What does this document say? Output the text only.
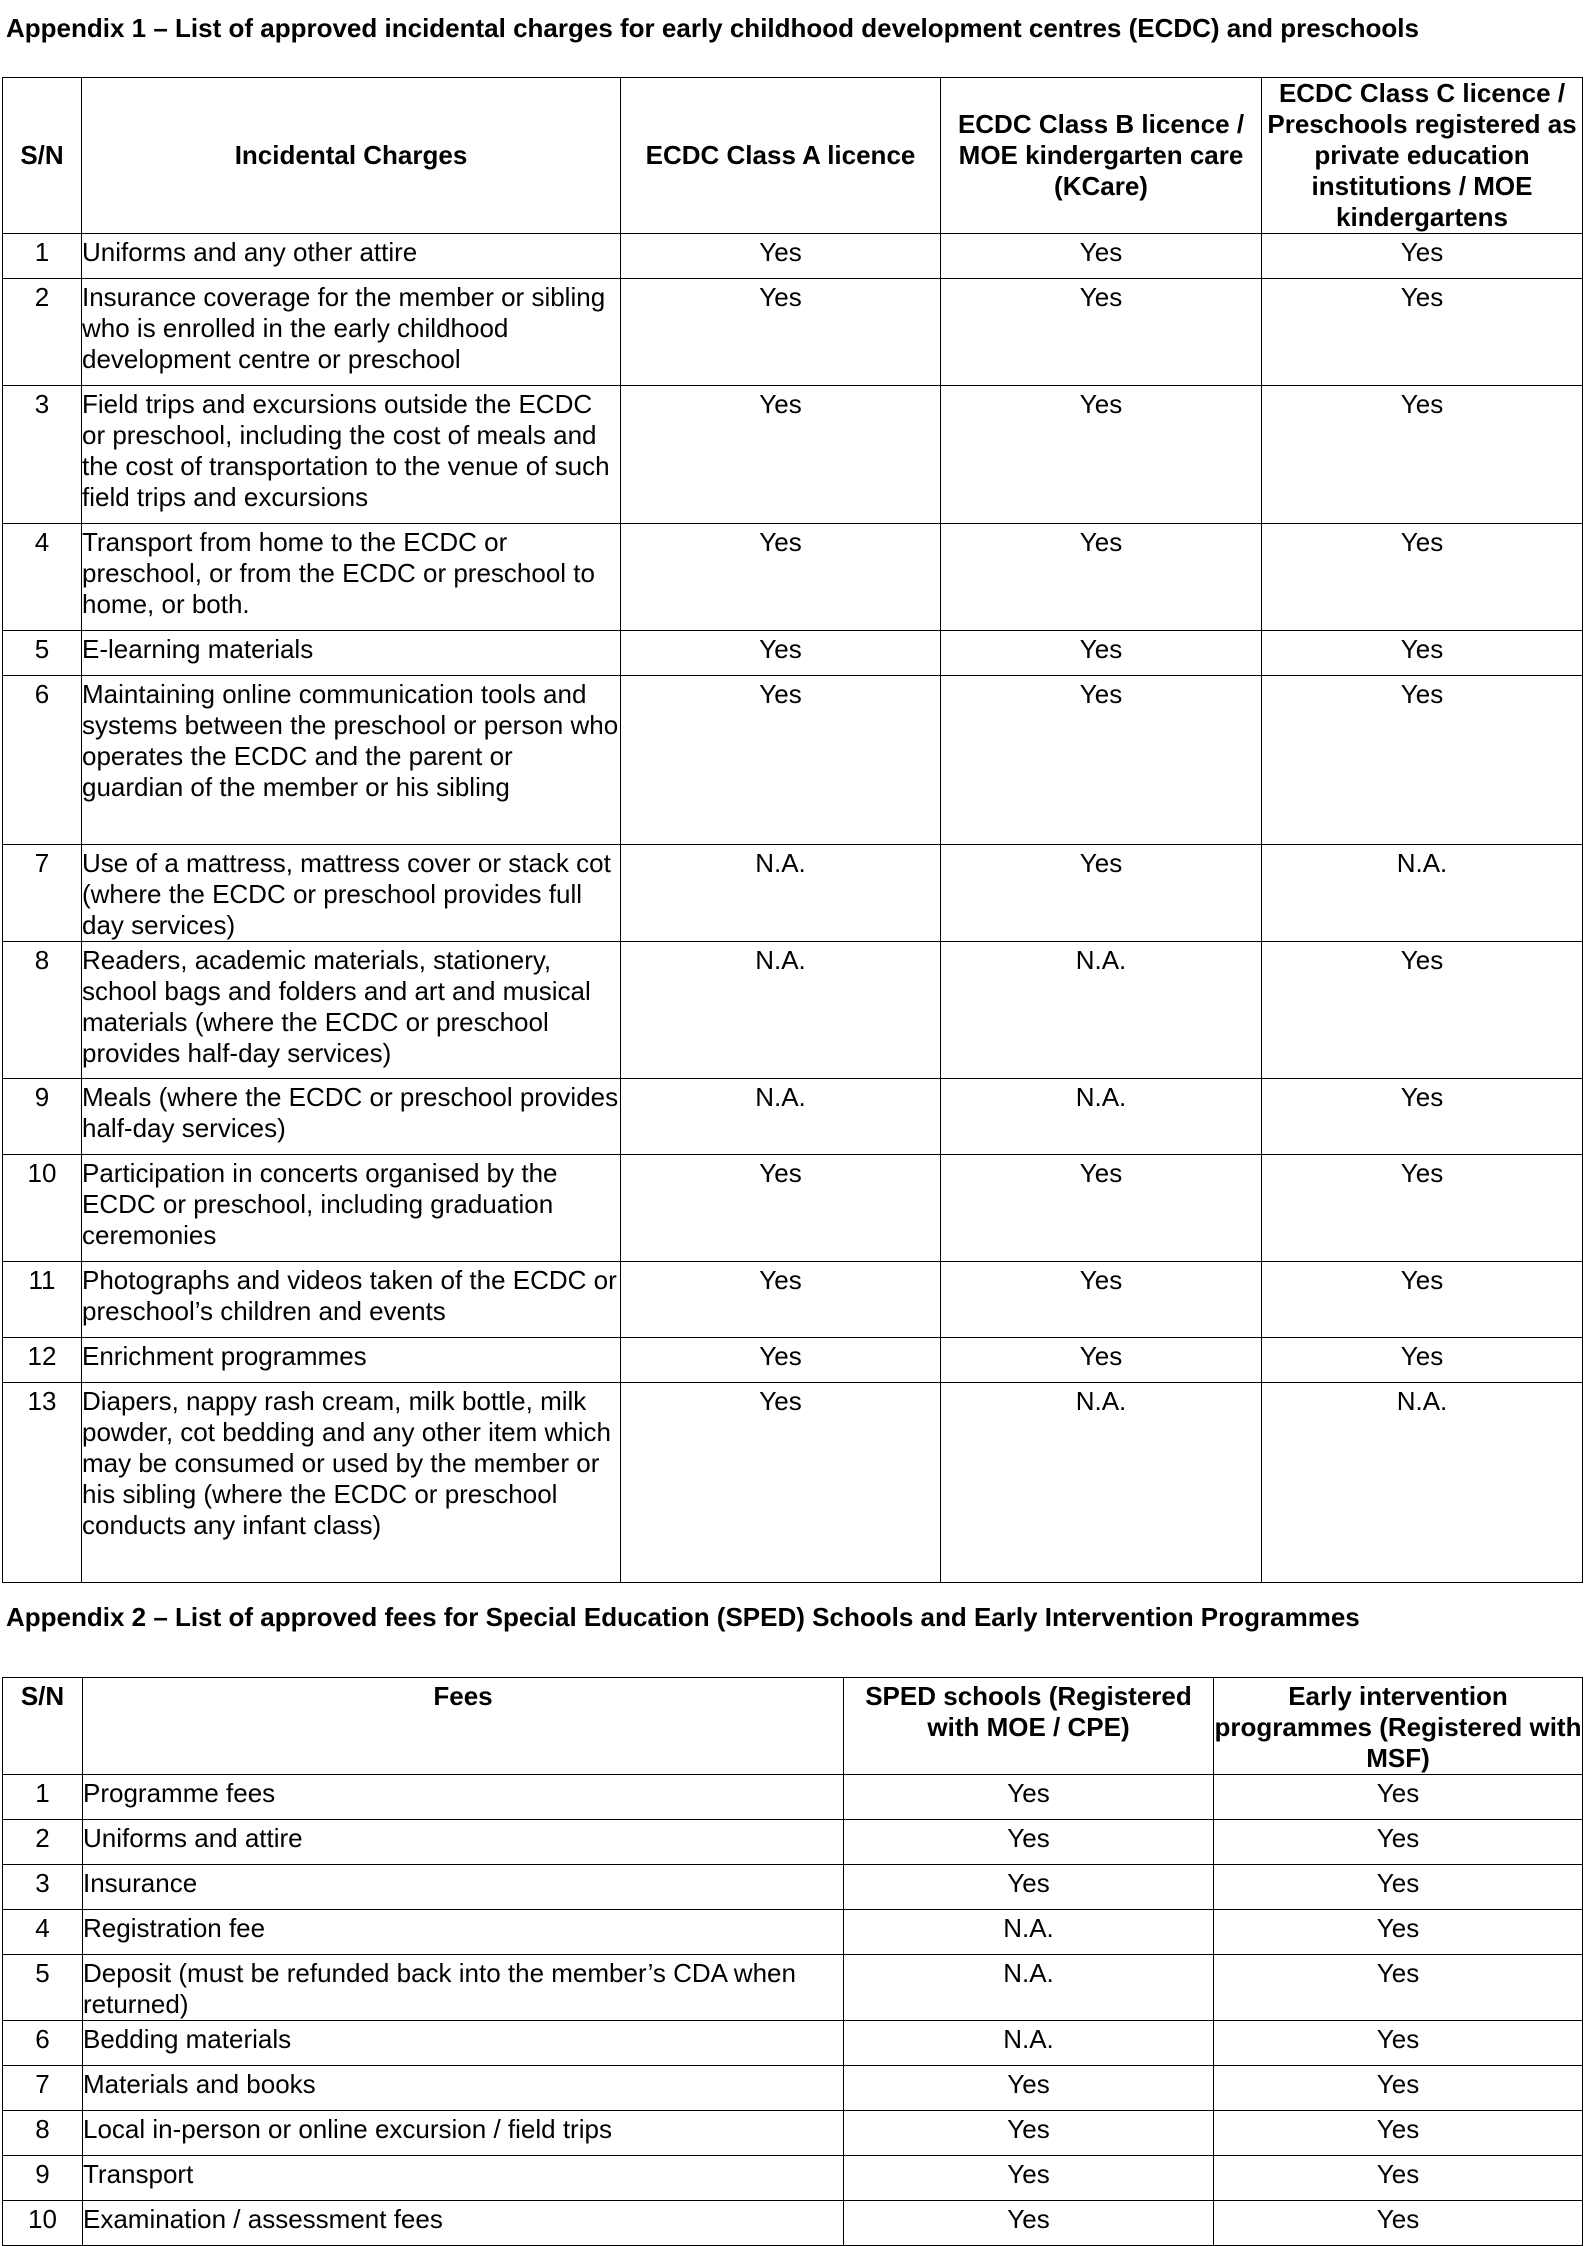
Appendix 1 – List of approved incidental charges for early childhood development centres (ECDC) and preschools
S/N	Incidental Charges	ECDC Class A licence	ECDC Class B licence / MOE kindergarten care (KCare)	ECDC Class C licence / Preschools registered as private education institutions / MOE kindergartens
1	Uniforms and any other attire	Yes	Yes	Yes
2	Insurance coverage for the member or sibling who is enrolled in the early childhood development centre or preschool	Yes	Yes	Yes
3	Field trips and excursions outside the ECDC or preschool, including the cost of meals and the cost of transportation to the venue of such field trips and excursions	Yes	Yes	Yes
4	Transport from home to the ECDC or preschool, or from the ECDC or preschool to home, or both.	Yes	Yes	Yes
5	E-learning materials	Yes	Yes	Yes
6	Maintaining online communication tools and systems between the preschool or person who operates the ECDC and the parent or guardian of the member or his sibling	Yes	Yes	Yes
7	Use of a mattress, mattress cover or stack cot (where the ECDC or preschool provides full day services)	N.A.	Yes	N.A.
8	Readers, academic materials, stationery, school bags and folders and art and musical materials (where the ECDC or preschool provides half-day services)	N.A.	N.A.	Yes
9	Meals (where the ECDC or preschool provides half-day services)	N.A.	N.A.	Yes
10	Participation in concerts organised by the ECDC or preschool, including graduation ceremonies	Yes	Yes	Yes
11	Photographs and videos taken of the ECDC or preschool’s children and events	Yes	Yes	Yes
12	Enrichment programmes	Yes	Yes	Yes
13	Diapers, nappy rash cream, milk bottle, milk powder, cot bedding and any other item which may be consumed or used by the member or his sibling (where the ECDC or preschool conducts any infant class)	Yes	N.A.	N.A.
Appendix 2 – List of approved fees for Special Education (SPED) Schools and Early Intervention Programmes
S/N	Fees	SPED schools (Registered with MOE / CPE)	Early intervention programmes (Registered with MSF)
1	Programme fees	Yes	Yes
2	Uniforms and attire	Yes	Yes
3	Insurance	Yes	Yes
4	Registration fee	N.A.	Yes
5	Deposit (must be refunded back into the member’s CDA when returned)	N.A.	Yes
6	Bedding materials	N.A.	Yes
7	Materials and books	Yes	Yes
8	Local in-person or online excursion / field trips	Yes	Yes
9	Transport	Yes	Yes
10	Examination / assessment fees	Yes	Yes
